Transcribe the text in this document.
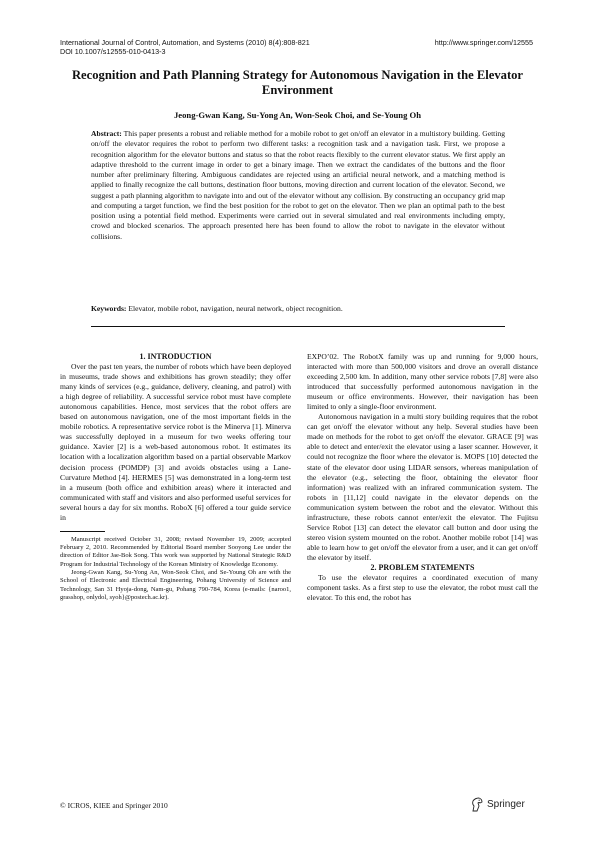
International Journal of Control, Automation, and Systems (2010) 8(4):808-821
DOI 10.1007/s12555-010-0413-3
http://www.springer.com/12555
Recognition and Path Planning Strategy for Autonomous Navigation in the Elevator Environment
Jeong-Gwan Kang, Su-Yong An, Won-Seok Choi, and Se-Young Oh
Abstract: This paper presents a robust and reliable method for a mobile robot to get on/off an elevator in a multistory building. Getting on/off the elevator requires the robot to perform two different tasks: a recognition task and a navigation task. First, we propose a recognition algorithm for the elevator buttons and status so that the robot reacts flexibly to the current elevator status. We first apply an adaptive threshold to the current image in order to get a binary image. Then we extract the candidates of the buttons and the floor number after preliminary filtering. Ambiguous candidates are rejected using an artificial neural network, and a matching method is applied to finally recognize the call buttons, destination floor buttons, moving direction and current location of the elevator. Second, we suggest a path planning algorithm to navigate into and out of the elevator without any collision. By constructing an occupancy grid map and computing a target function, we find the best position for the robot to get on the elevator. Then we plan an optimal path to the best position using a potential field method. Experiments were carried out in several simulated and real environments including empty, crowd and blocked scenarios. The approach presented here has been found to allow the robot to navigate in the elevator without collisions.
Keywords: Elevator, mobile robot, navigation, neural network, object recognition.

1. INTRODUCTION

Over the past ten years, the number of robots which have been deployed in museums, trade shows and exhibitions has grown steadily; they offer many kinds of services (e.g., guidance, delivery, cleaning, and patrol) with a high degree of reliability. A successful service robot must have complete autonomous capabilities. Hence, most services that the robot offers are based on autonomous navigation, one of the most important fields in the mobile robotics. A representative service robot is the Minerva [1]. Minerva was successfully deployed in a museum for two weeks offering tour guidance. Xavier [2] is a web-based autonomous robot. It estimates its location with a localization algorithm based on a partial observable Markov decision process (POMDP) [3] and avoids obstacles using a Lane-Curvature Method [4]. HERMES [5] was demonstrated in a long-term test in a museum (both office and exhibition areas) where it interacted and communicated with staff and visitors and also performed useful services for several hours a day for six months. RoboX [6] offered a tour guide service in

Manuscript received October 31, 2008; revised November 19, 2009; accepted February 2, 2010. Recommended by Editorial Board member Sooyong Lee under the direction of Editor Jae-Bok Song. This work was supported by National Strategic R&D Program for Industrial Technology of the Korean Ministry of Knowledge Economy.

Jeong-Gwan Kang, Su-Yong An, Won-Seok Choi, and Se-Young Oh are with the School of Electronic and Electrical Engineering, Pohang University of Science and Technology, San 31 Hyoja-dong, Nam-gu, Pohang 790-784, Korea (e-mails: {naroo1, grasshop, onlydol, syoh}@postech.ac.kr).

EXPO’02. The RobotX family was up and running for 9,000 hours, interacted with more than 500,000 visitors and drove an overall distance exceeding 2,500 km. In addition, many other service robots [7,8] were also introduced that successfully performed autonomous navigation in the museum or office environments. However, their navigation has been limited to only a single-floor environment.

Autonomous navigation in a multi story building requires that the robot can get on/off the elevator without any help. Several studies have been made on methods for the robot to get on/off the elevator. GRACE [9] was able to detect and enter/exit the elevator using a laser scanner. However, it could not recognize the floor where the elevator is. MOPS [10] detected the state of the elevator door using LIDAR sensors, whereas manipulation of the elevator (e.g., selecting the floor, obtaining the elevator floor information) was realized with an infrared communication system. The robots in [11,12] could navigate in the elevator depends on the communication system between the robot and the elevator. Without this infrastructure, these robots cannot enter/exit the elevator. The Fujitsu Service Robot [13] can detect the elevator call button and door using the stereo vision system mounted on the robot. Another mobile robot [14] was able to learn how to get on/off the elevator from a user, and it can get on/off the elevator by itself.

2. PROBLEM STATEMENTS

To use the elevator requires a coordinated execution of many component tasks. As a first step to use the elevator, the robot must call the elevator. To this end, the robot has

© ICROS, KIEE and Springer 2010	Springer
